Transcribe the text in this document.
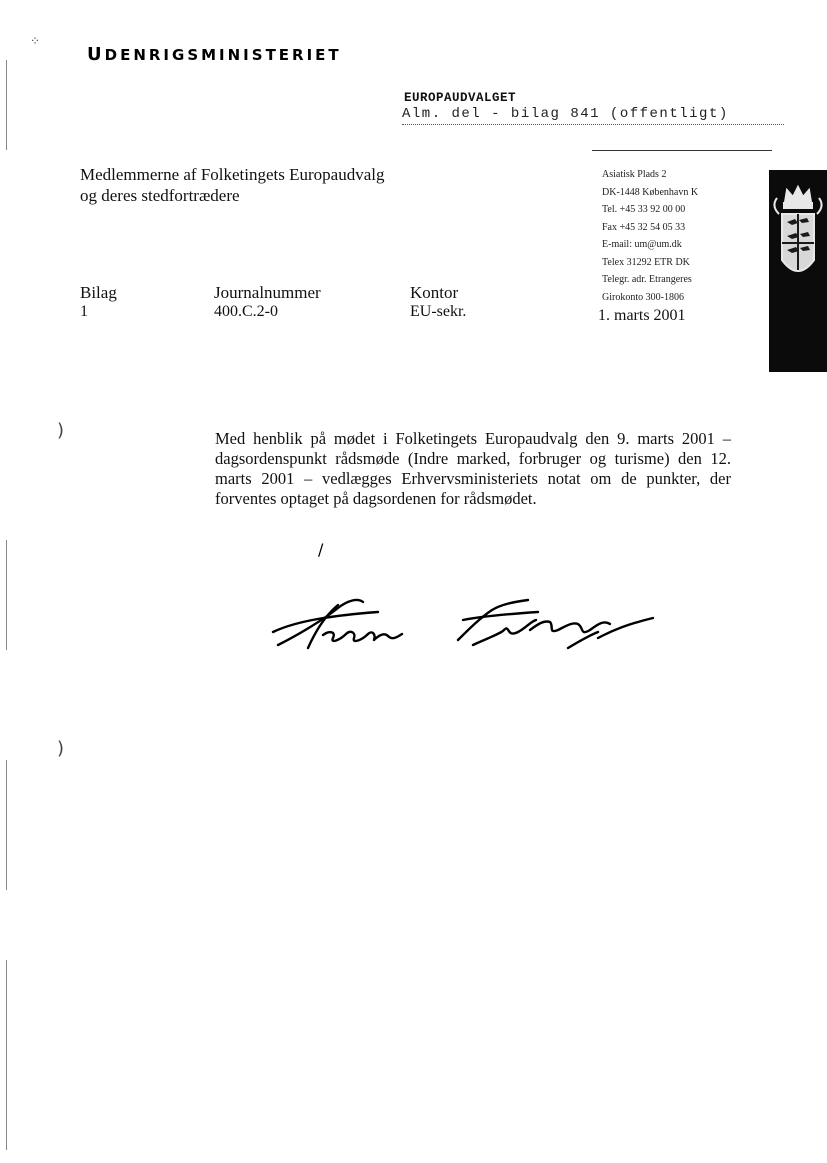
⁘
)
)
UDENRIGSMINISTERIET
EUROPAUDVALGET
Alm. del - bilag 841 (offentligt)
Medlemmerne af Folketingets Europaudvalg
og deres stedfortrædere
Asiatisk Plads 2
DK-1448 København K
Tel. +45 33 92 00 00
Fax +45 32 54 05 33
E-mail: um@um.dk
Telex 31292 ETR DK
Telegr. adr. Etrangeres
Girokonto 300-1806
Bilag
1
Journalnummer
400.C.2-0
Kontor
EU-sekr.	1. marts 2001

Med henblik på mødet i Folketingets Europaudvalg den 9. marts 2001 – dagsordenspunkt rådsmøde (Indre marked, forbruger og turisme) den 12. marts 2001 – vedlægges Erhvervsministeriets notat om de punkter, der forventes optaget på dagsordenen for rådsmødet.

/
